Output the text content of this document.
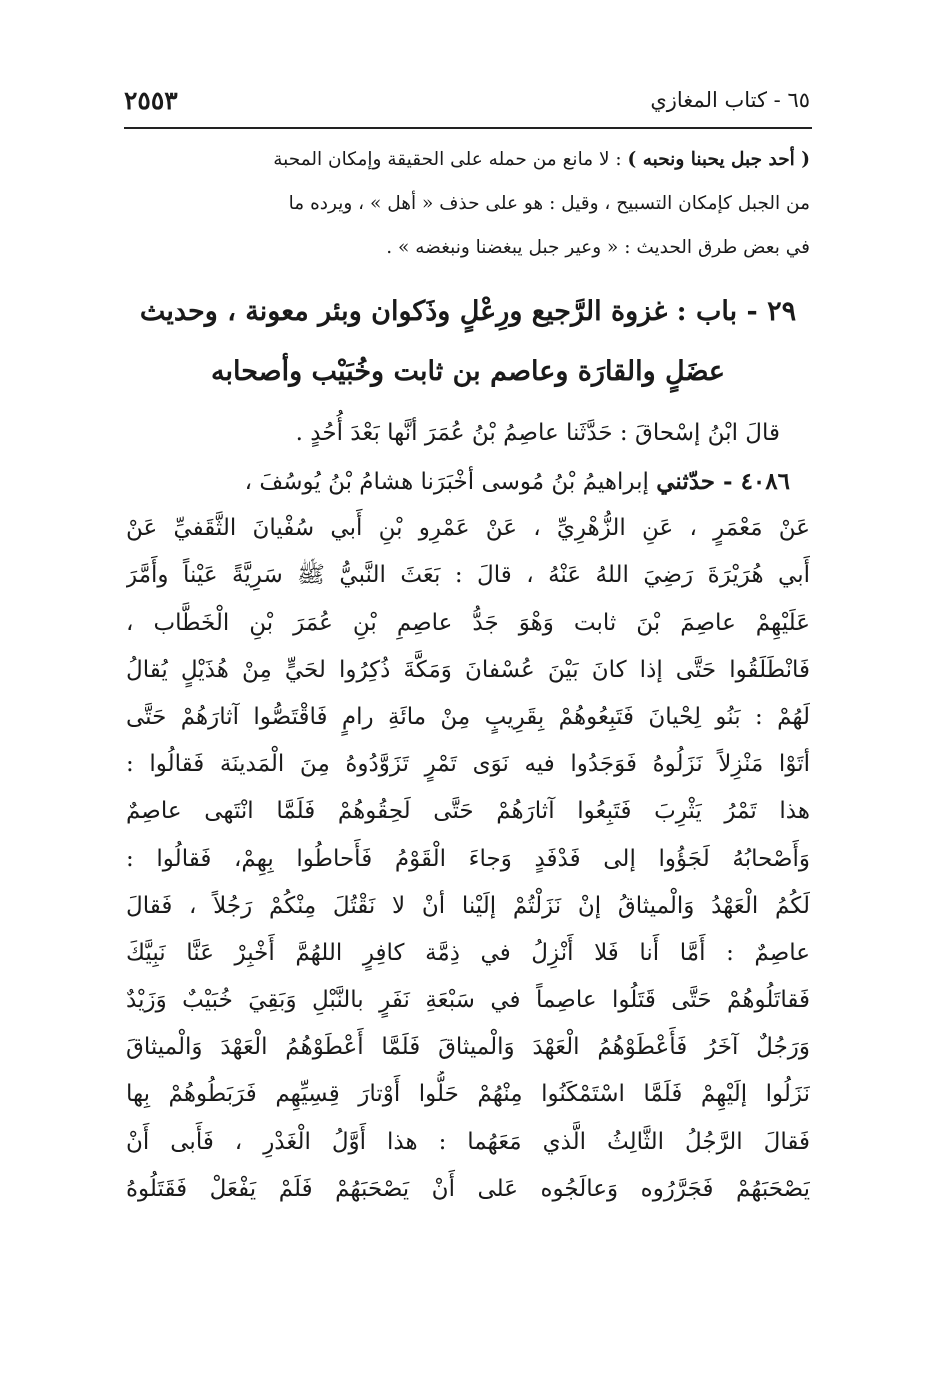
٢٥٥٣	٦٥ - كتاب المغازي
( أحد جبل يحبنا ونحبه ) : لا مانع من حمله على الحقيقة وإمكان المحبة
من الجبل كإمكان التسبيح ، وقيل : هو على حذف « أهل » ، ويرده ما
في بعض طرق الحديث : « وعير جبل يبغضنا ونبغضه » .
٢٩ - باب : غزوة الرَّجيع ورِعْلٍ وذَكوان وبئر معونة ، وحديث
عضَلٍ والقارَة وعاصم بن ثابت وخُبَيْب وأصحابه
قالَ ابْنُ إسْحاقَ : حَدَّثَنا عاصِمُ بْنُ عُمَرَ أنَّها بَعْدَ أُحُدٍ .
٤٠٨٦ - حدّثني إبراهيمُ بْنُ مُوسى أخْبَرَنا هشامُ بْنُ يُوسُفَ ،
عَنْ مَعْمَرٍ ، عَنِ الزُّهْرِيِّ ، عَنْ عَمْرِو بْنِ أَبي سُفْيانَ الثَّقَفيِّ عَنْ
أَبي هُرَيْرَةَ رَضِيَ اللهُ عَنْهُ ، قالَ : بَعَثَ النَّبيُّ ﷺ سَرِيَّةً عَيْناً وأَمَّرَ
عَلَيْهِمْ عاصِمَ بْنَ ثابت وَهْوَ جَدُّ عاصِمِ بْنِ عُمَرَ بْنِ الْخَطَّاب ،
فَانْطَلَقُوا حَتَّى إذا كانَ بَيْنَ عُسْفانَ وَمَكَّةَ ذُكِرُوا لحَيٍّ مِنْ هُذَيْلٍ يُقالُ
لَهُمْ : بَنُو لِحْيانَ فَتَبِعُوهُمْ بِقَرِيبٍ مِنْ مائَةِ رامٍ فَاقْتَصُّوا آثارَهُمْ حَتَّى
أتَوْا مَنْزِلاً نَزَلُوهُ فَوَجَدُوا فيه نَوَى تَمْرٍ تَزَوَّدُوهُ مِنَ الْمَدينَة فَقالُوا :
هذا تَمْرُ يَثْرِبَ فَتَبِعُوا آثارَهُمْ حَتَّى لَحِقُوهُمْ فَلَمَّا انْتَهى عاصِمٌ
وَأَصْحابُهُ لَجَؤُوا إلى فَدْفَدٍ وَجاءَ الْقَوْمُ فَأَحاطُوا بِهِمْ، فَقالُوا :
لَكُمُ الْعَهْدُ وَالْميثاقُ إنْ نَزَلْتُمْ إلَيْنا أنْ لا نَقْتُلَ مِنْكُمْ رَجُلاً ، فَقالَ
عاصِمٌ : أَمَّا أَنا فَلا أَنْزِلُ في ذِمَّة كافِرٍ اللهُمَّ أَخْبِرْ عَنَّا نَبِيَّكَ
فَقاتَلُوهُمْ حَتَّى قَتَلُوا عاصِماً في سَبْعَةِ نَفَرٍ بالنَّبْلِ وَبَقِيَ خُبَيْبٌ وَزَيْدٌ
وَرَجُلٌ آخَرُ فَأَعْطَوْهُمُ الْعَهْدَ وَالْميثاقَ فَلَمَّا أَعْطَوْهُمُ الْعَهْدَ وَالْميثاقَ
نَزَلُوا إلَيْهِمْ فَلَمَّا اسْتَمْكَنُوا مِنْهُمْ حَلُّوا أَوْتارَ قِسِيِّهِم فَرَبَطُوهُمْ بِها
فَقالَ الرَّجُلُ الثَّالِثُ الَّذي مَعَهُما : هذا أَوَّلُ الْغَدْرِ ، فَأَبى أَنْ
يَصْحَبَهُمْ فَجَرَّرُوه وَعالَجُوه عَلى أَنْ يَصْحَبَهُمْ فَلَمْ يَفْعَلْ فَقَتَلُوهُ
